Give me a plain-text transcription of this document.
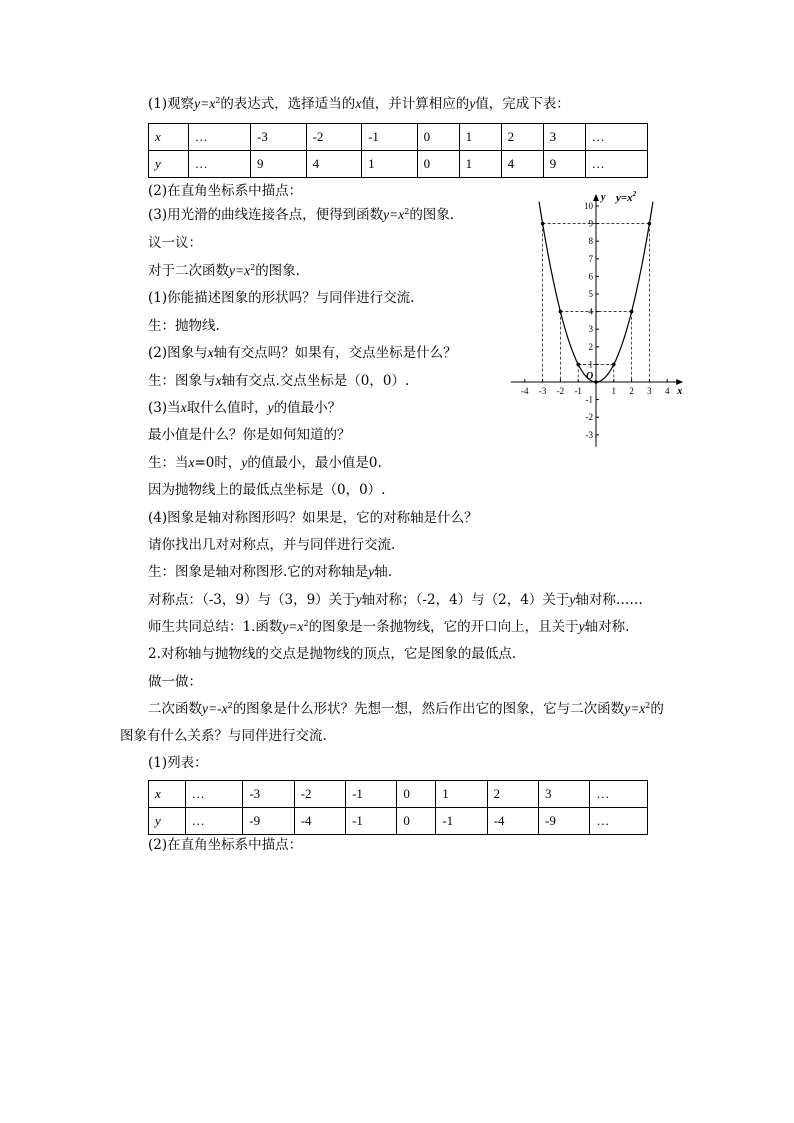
(1)观察$y=x^2$的表达式，选择适当的x值，并计算相应的y值，完成下表：
x	…	-3	-2	-1	0	1	2	3	…
y	…	9	4	1	0	1	4	9	…
(2)在直角坐标系中描点：
(3)用光滑的曲线连接各点，便得到函数$y=x^2$的图象.
议一议：
对于二次函数$y=x^2$的图象.
(1)你能描述图象的形状吗？与同伴进行交流.
生：抛物线.
(2)图象与x轴有交点吗？如果有，交点坐标是什么？
生：图象与x轴有交点.交点坐标是（0，0）.
(3)当x取什么值时，y的值最小？
最小值是什么？你是如何知道的？
生：当x=0时，y的值最小，最小值是0.
因为抛物线上的最低点坐标是（0，0）.
(4)图象是轴对称图形吗？如果是，它的对称轴是什么？
请你找出几对对称点，并与同伴进行交流.
生：图象是轴对称图形.它的对称轴是y轴.
对称点：（-3，9）与（3，9）关于y轴对称；（-2，4）与（2，4）关于y轴对称……
师生共同总结：1.函数$y=x^2$的图象是一条抛物线，它的开口向上，且关于y轴对称.
2.对称轴与抛物线的交点是抛物线的顶点，它是图象的最低点.
做一做：
二次函数$y=-x^2$的图象是什么形状？先想一想，然后作出它的图象，它与二次函数$y=x^2$的
图象有什么关系？与同伴进行交流.
(1)列表：
x	…	-3	-2	-1	0	1	2	3	…
y	…	-9	-4	-1	0	-1	-4	-9	…
(2)在直角坐标系中描点：
-4 -3 -2 -1	1 2 3 4
10
9
8
7
6
5
4
3
2
1
-1
-2
-3
x
y
O
$y=x^2$
